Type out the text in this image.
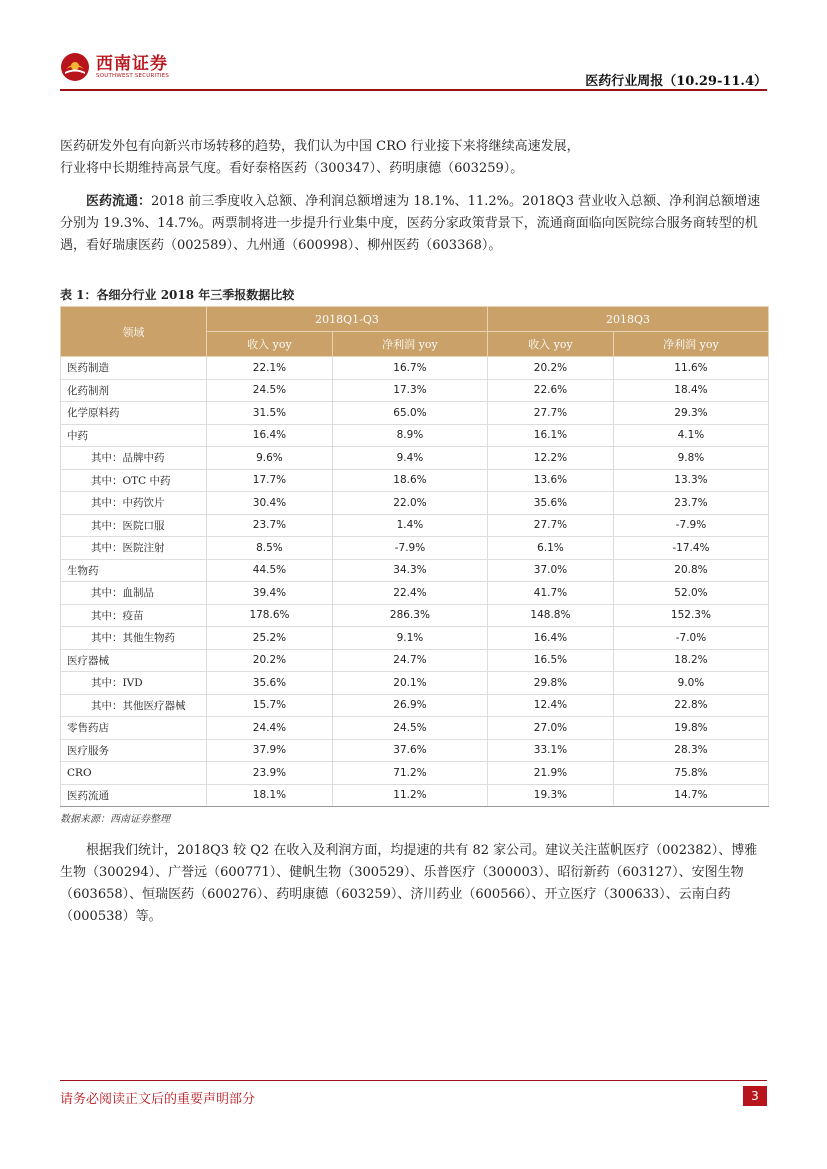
西南证券
SOUTHWEST SECURITIES	医药行业周报（10.29-11.4）
医药研发外包有向新兴市场转移的趋势，我们认为中国 CRO 行业接下来将继续高速发展，
行业将中长期维持高景气度。看好泰格医药（300347）、药明康德（603259）。
医药流通：2018 前三季度收入总额、净利润总额增速为 18.1%、11.2%。2018Q3 营业收入总额、净利润总额增速分别为 19.3%、14.7%。两票制将进一步提升行业集中度，医药分家政策背景下，流通商面临向医院综合服务商转型的机遇，看好瑞康医药（002589）、九州通（600998）、柳州医药（603368）。
表 1：各细分行业 2018 年三季报数据比较
领域	2018Q1-Q3		2018Q3	
	收入 yoy	净利润 yoy	收入 yoy	净利润 yoy
医药制造	22.1%	16.7%	20.2%	11.6%
化药制剂	24.5%	17.3%	22.6%	18.4%
化学原料药	31.5%	65.0%	27.7%	29.3%
中药	16.4%	8.9%	16.1%	4.1%
其中：品牌中药	9.6%	9.4%	12.2%	9.8%
其中：OTC 中药	17.7%	18.6%	13.6%	13.3%
其中：中药饮片	30.4%	22.0%	35.6%	23.7%
其中：医院口服	23.7%	1.4%	27.7%	-7.9%
其中：医院注射	8.5%	-7.9%	6.1%	-17.4%
生物药	44.5%	34.3%	37.0%	20.8%
其中：血制品	39.4%	22.4%	41.7%	52.0%
其中：疫苗	178.6%	286.3%	148.8%	152.3%
其中：其他生物药	25.2%	9.1%	16.4%	-7.0%
医疗器械	20.2%	24.7%	16.5%	18.2%
其中：IVD	35.6%	20.1%	29.8%	9.0%
其中：其他医疗器械	15.7%	26.9%	12.4%	22.8%
零售药店	24.4%	24.5%	27.0%	19.8%
医疗服务	37.9%	37.6%	33.1%	28.3%
CRO	23.9%	71.2%	21.9%	75.8%
医药流通	18.1%	11.2%	19.3%	14.7%
数据来源：西南证券整理
根据我们统计，2018Q3 较 Q2 在收入及利润方面，均提速的共有 82 家公司。建议关注蓝帆医疗（002382）、博雅生物（300294）、广誉远（600771）、健帆生物（300529）、乐普医疗（300003）、昭衍新药（603127）、安图生物（603658）、恒瑞医药（600276）、药明康德（603259）、济川药业（600566）、开立医疗（300633）、云南白药（000538）等。
请务必阅读正文后的重要声明部分	3
